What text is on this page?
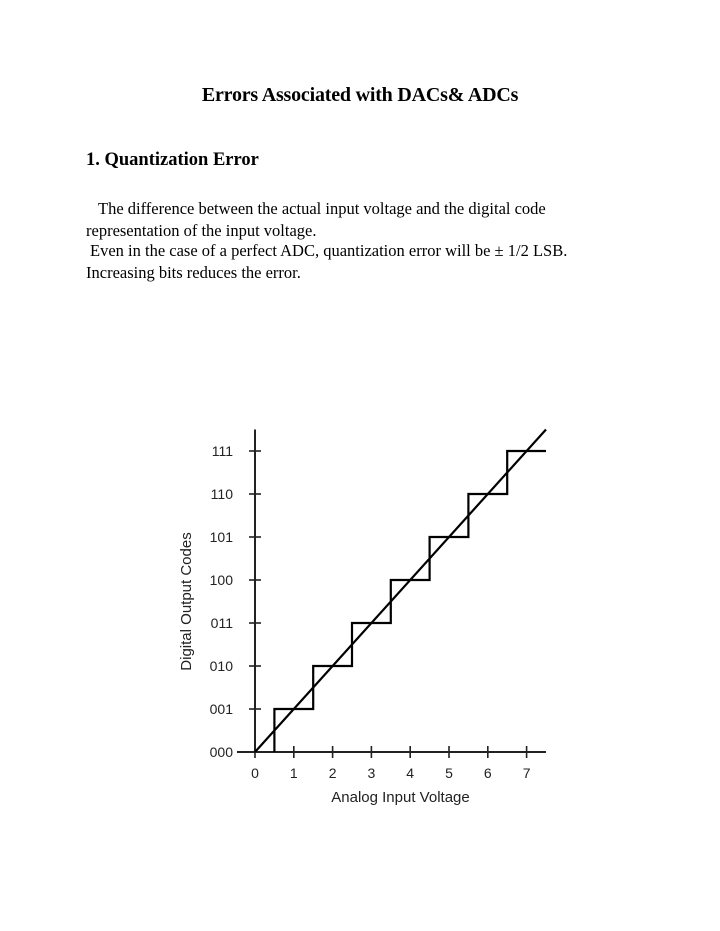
Errors Associated with DACs& ADCs
1. Quantization Error

The difference between the actual input voltage and the digital code
representation of the input voltage.

Even in the case of a perfect ADC, quantization error will be ± 1/2 LSB.
Increasing bits reduces the error.

000
001
010
011
100
101
110
111
0 1 2 3 4 5 6 7
Analog Input Voltage
Digital Output Codes
